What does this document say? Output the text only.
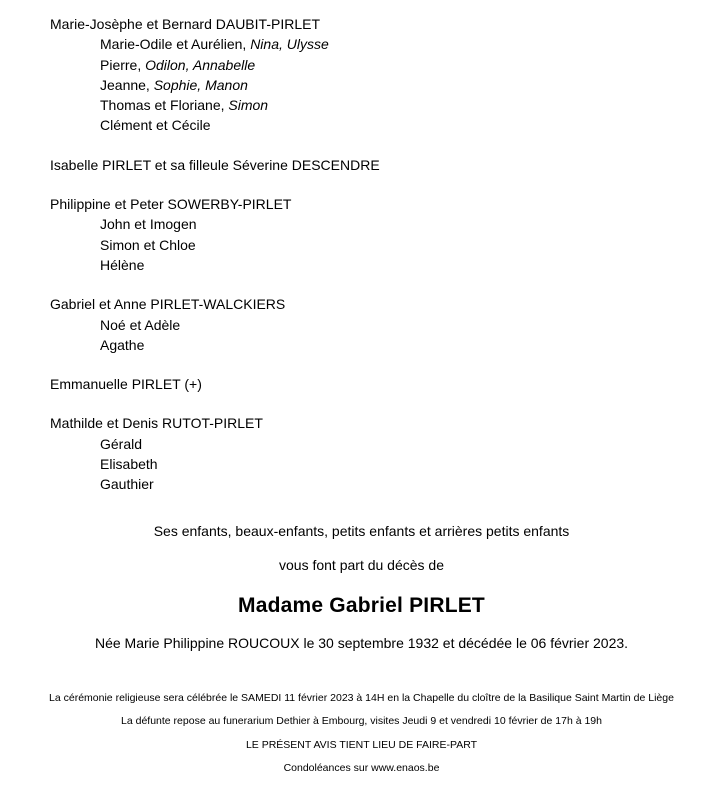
Marie-Josèphe et Bernard DAUBIT-PIRLET
Marie-Odile et Aurélien, Nina, Ulysse
Pierre, Odilon, Annabelle
Jeanne, Sophie, Manon
Thomas et Floriane, Simon
Clément et Cécile
Isabelle PIRLET et sa filleule Séverine DESCENDRE
Philippine et Peter SOWERBY-PIRLET
John et Imogen
Simon et Chloe
Hélène
Gabriel et Anne PIRLET-WALCKIERS
Noé et Adèle
Agathe
Emmanuelle PIRLET (+)
Mathilde et Denis RUTOT-PIRLET
Gérald
Elisabeth
Gauthier
Ses enfants, beaux-enfants, petits enfants et arrières petits enfants
vous font part du décès de
Madame Gabriel PIRLET
Née Marie Philippine ROUCOUX le 30 septembre 1932 et décédée le 06 février 2023.
La cérémonie religieuse sera célébrée le SAMEDI 11 février 2023 à 14H en la Chapelle du cloître de la Basilique Saint Martin de Liège
La défunte repose au funerarium Dethier à Embourg, visites Jeudi 9 et vendredi 10 février de 17h à 19h
LE PRÉSENT AVIS TIENT LIEU DE FAIRE-PART
Condoléances sur www.enaos.be
